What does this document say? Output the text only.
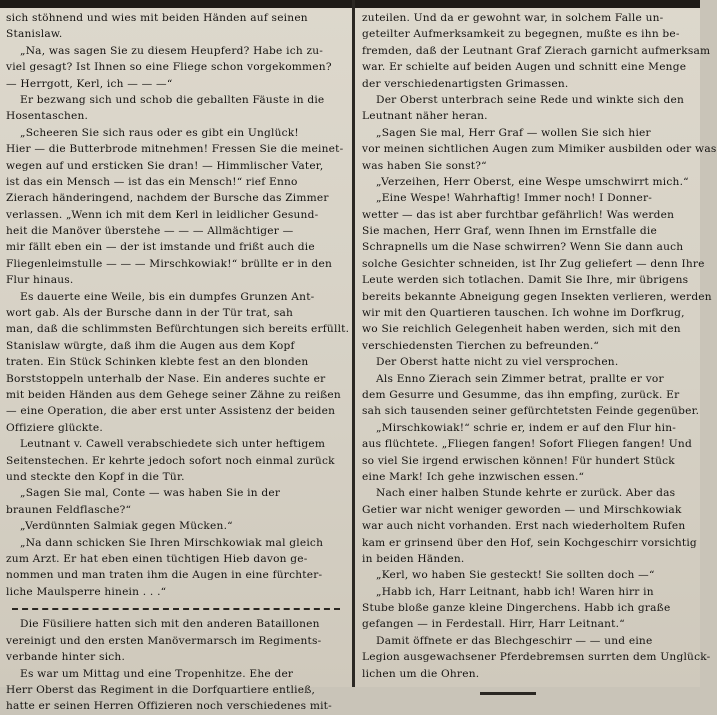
sich stöhnend und wies mit beiden Händen auf seinen
Stanislaw.
„Na, was sagen Sie zu diesem Heupferd? Habe ich zu-
viel gesagt? Ist Ihnen so eine Fliege schon vorgekommen?
— Herrgott, Kerl, ich — — —“
Er bezwang sich und schob die geballten Fäuste in die
Hosentaschen.
„Scheeren Sie sich raus oder es gibt ein Unglück!
Hier — die Butterbrode mitnehmen! Fressen Sie die meinet-
wegen auf und ersticken Sie dran! — Himmlischer Vater,
ist das ein Mensch — ist das ein Mensch!“ rief Enno
Zierach händeringend, nachdem der Bursche das Zimmer
verlassen. „Wenn ich mit dem Kerl in leidlicher Gesund-
heit die Manöver überstehe — — — Allmächtiger —
mir fällt eben ein — der ist imstande und frißt auch die
Fliegenleimstulle — — — Mirschkowiak!“ brüllte er in den
Flur hinaus.
Es dauerte eine Weile, bis ein dumpfes Grunzen Ant-
wort gab. Als der Bursche dann in der Tür trat, sah
man, daß die schlimmsten Befürchtungen sich bereits erfüllt.
Stanislaw würgte, daß ihm die Augen aus dem Kopf
traten. Ein Stück Schinken klebte fest an den blonden
Borststoppeln unterhalb der Nase. Ein anderes suchte er
mit beiden Händen aus dem Gehege seiner Zähne zu reißen
— eine Operation, die aber erst unter Assistenz der beiden
Offiziere glückte.
Leutnant v. Cawell verabschiedete sich unter heftigem
Seitenstechen. Er kehrte jedoch sofort noch einmal zurück
und steckte den Kopf in die Tür.
„Sagen Sie mal, Conte — was haben Sie in der
braunen Feldflasche?“
„Verdünnten Salmiak gegen Mücken.“
„Na dann schicken Sie Ihren Mirschkowiak mal gleich
zum Arzt. Er hat eben einen tüchtigen Hieb davon ge-
nommen und man traten ihm die Augen in eine fürchter-
liche Maulsperre hinein . . .“
Die Füsiliere hatten sich mit den anderen Bataillonen
vereinigt und den ersten Manövermarsch im Regiments-
verbande hinter sich.
Es war um Mittag und eine Tropenhitze. Ehe der
Herr Oberst das Regiment in die Dorfquartiere entließ,
hatte er seinen Herren Offizieren noch verschiedenes mit-
zuteilen. Und da er gewohnt war, in solchem Falle un-
geteilter Aufmerksamkeit zu begegnen, mußte es ihn be-
fremden, daß der Leutnant Graf Zierach garnicht aufmerksam
war. Er schielte auf beiden Augen und schnitt eine Menge
der verschiedenartigsten Grimassen.
Der Oberst unterbrach seine Rede und winkte sich den
Leutnant näher heran.
„Sagen Sie mal, Herr Graf — wollen Sie sich hier
vor meinen sichtlichen Augen zum Mimiker ausbilden oder was
was haben Sie sonst?“
„Verzeihen, Herr Oberst, eine Wespe umschwirrt mich.“
„Eine Wespe! Wahrhaftig! Immer noch! I Donner-
wetter — das ist aber furchtbar gefährlich! Was werden
Sie machen, Herr Graf, wenn Ihnen im Ernstfalle die
Schrapnells um die Nase schwirren? Wenn Sie dann auch
solche Gesichter schneiden, ist Ihr Zug geliefert — denn Ihre
Leute werden sich totlachen. Damit Sie Ihre, mir übrigens
bereits bekannte Abneigung gegen Insekten verlieren, werden
wir mit den Quartieren tauschen. Ich wohne im Dorfkrug,
wo Sie reichlich Gelegenheit haben werden, sich mit den
verschiedensten Tierchen zu befreunden.“
Der Oberst hatte nicht zu viel versprochen.
Als Enno Zierach sein Zimmer betrat, prallte er vor
dem Gesurre und Gesumme, das ihn empfing, zurück. Er
sah sich tausenden seiner gefürchtetsten Feinde gegenüber.
„Mirschkowiak!“ schrie er, indem er auf den Flur hin-
aus flüchtete. „Fliegen fangen! Sofort Fliegen fangen! Und
so viel Sie irgend erwischen können! Für hundert Stück
eine Mark! Ich gehe inzwischen essen.“
Nach einer halben Stunde kehrte er zurück. Aber das
Getier war nicht weniger geworden — und Mirschkowiak
war auch nicht vorhanden. Erst nach wiederholtem Rufen
kam er grinsend über den Hof, sein Kochgeschirr vorsichtig
in beiden Händen.
„Kerl, wo haben Sie gesteckt! Sie sollten doch —“
„Habb ich, Harr Leitnant, habb ich! Waren hirr in
Stube bloße ganze kleine Dingerchens. Habb ich graße
gefangen — in Ferdestall. Hirr, Harr Leitnant.“
Damit öffnete er das Blechgeschirr — — und eine
Legion ausgewachsener Pferdebremsen surrten dem Unglück-
lichen um die Ohren.
